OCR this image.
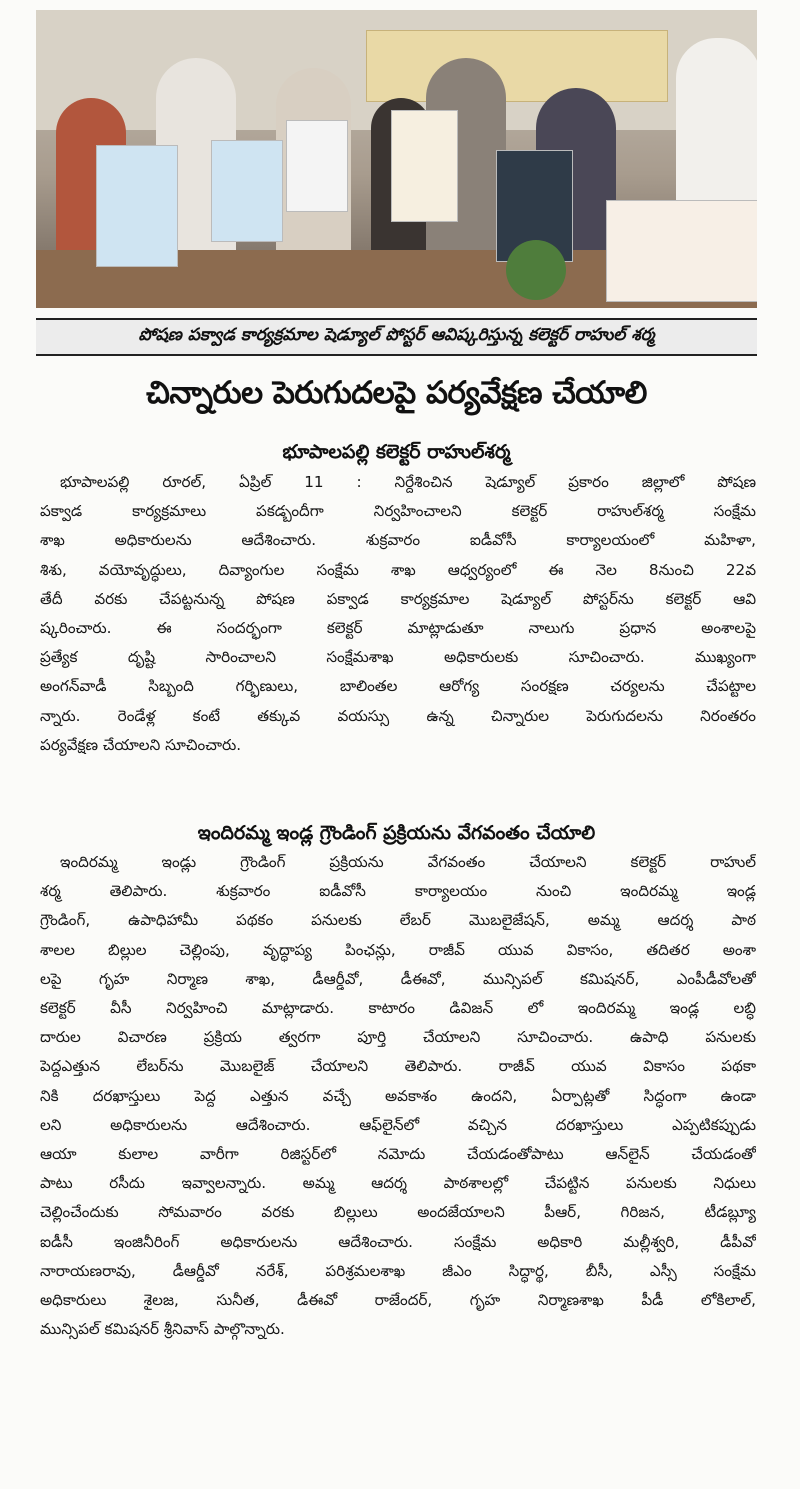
పోషణ పక్వాడ కార్యక్రమాల షెడ్యూల్ పోస్టర్ ఆవిష్కరిస్తున్న కలెక్టర్ రాహుల్ శర్మ
చిన్నారుల పెరుగుదలపై పర్యవేక్షణ చేయాలి
భూపాలపల్లి కలెక్టర్ రాహుల్‌శర్మ
భూపాలపల్లి రూరల్, ఏప్రిల్ 11 : నిర్దేశించిన షెడ్యూల్ ప్రకారం జిల్లాలో పోషణ
పక్వాడ కార్యక్రమాలు పకడ్బందీగా నిర్వహించాలని కలెక్టర్ రాహుల్‌శర్మ సంక్షేమ
శాఖ అధికారులను ఆదేశించారు. శుక్రవారం ఐడీవోసీ కార్యాలయంలో మహిళా,
శిశు, వయోవృద్ధులు, దివ్యాంగుల సంక్షేమ శాఖ ఆధ్వర్యంలో ఈ నెల 8నుంచి 22వ
తేదీ వరకు చేపట్టనున్న పోషణ పక్వాడ కార్యక్రమాల షెడ్యూల్ పోస్టర్‌ను కలెక్టర్ ఆవి
ష్కరించారు. ఈ సందర్భంగా కలెక్టర్ మాట్లాడుతూ నాలుగు ప్రధాన అంశాలపై
ప్రత్యేక దృష్టి సారించాలని సంక్షేమశాఖ అధికారులకు సూచించారు. ముఖ్యంగా
అంగన్‌వాడీ సిబ్బంది గర్భిణులు, బాలింతల ఆరోగ్య సంరక్షణ చర్యలను చేపట్టాల
న్నారు. రెండేళ్ల కంటే తక్కువ వయస్సు ఉన్న చిన్నారుల పెరుగుదలను నిరంతరం
పర్యవేక్షణ చేయాలని సూచించారు.
ఇందిరమ్మ ఇండ్ల గ్రౌండింగ్ ప్రక్రియను వేగవంతం చేయాలి
ఇందిరమ్మ ఇండ్లు గ్రౌండింగ్ ప్రక్రియను వేగవంతం చేయాలని కలెక్టర్ రాహుల్
శర్మ తెలిపారు. శుక్రవారం ఐడీవోసీ కార్యాలయం నుంచి ఇందిరమ్మ ఇండ్ల
గ్రౌండింగ్, ఉపాధిహామీ పథకం పనులకు లేబర్ మొబలైజేషన్, అమ్మ ఆదర్శ పాఠ
శాలల బిల్లుల చెల్లింపు, వృద్ధాప్య పింఛన్లు, రాజీవ్ యువ వికాసం, తదితర అంశా
లపై గృహ నిర్మాణ శాఖ, డీఆర్డీవో, డీఈవో, మున్సిపల్ కమిషనర్, ఎంపీడీవోలతో
కలెక్టర్ వీసీ నిర్వహించి మాట్లాడారు. కాటారం డివిజన్ లో ఇందిరమ్మ ఇండ్ల లబ్ధి
దారుల విచారణ ప్రక్రియ త్వరగా పూర్తి చేయాలని సూచించారు. ఉపాధి పనులకు
పెద్దఎత్తున లేబర్‌ను మొబలైజ్ చేయాలని తెలిపారు. రాజీవ్ యువ వికాసం పథకా
నికి దరఖాస్తులు పెద్ద ఎత్తున వచ్చే అవకాశం ఉందని, ఏర్పాట్లతో సిద్ధంగా ఉండా
లని అధికారులను ఆదేశించారు. ఆఫ్‌లైన్‌లో వచ్చిన దరఖాస్తులు ఎప్పటికప్పుడు
ఆయా కులాల వారీగా రిజిస్టర్‌లో నమోదు చేయడంతోపాటు ఆన్‌లైన్ చేయడంతో
పాటు రసీదు ఇవ్వాలన్నారు. అమ్మ ఆదర్శ పాఠశాలల్లో చేపట్టిన పనులకు నిధులు
చెల్లించేందుకు సోమవారం వరకు బిల్లులు అందజేయాలని పీఆర్, గిరిజన, టీడబ్ల్యూ
ఐడీసీ ఇంజినీరింగ్ అధికారులను ఆదేశించారు. సంక్షేమ అధికారి మల్లీశ్వరి, డీపీవో
నారాయణరావు, డీఆర్డీవో నరేశ్, పరిశ్రమలశాఖ జీఎం సిద్ధార్థ, బీసీ, ఎస్సీ సంక్షేమ
అధికారులు శైలజ, సునీత, డీఈవో రాజేందర్, గృహ నిర్మాణశాఖ పీడీ లోకిలాల్,
మున్సిపల్ కమిషనర్ శ్రీనివాస్ పాల్గొన్నారు.
